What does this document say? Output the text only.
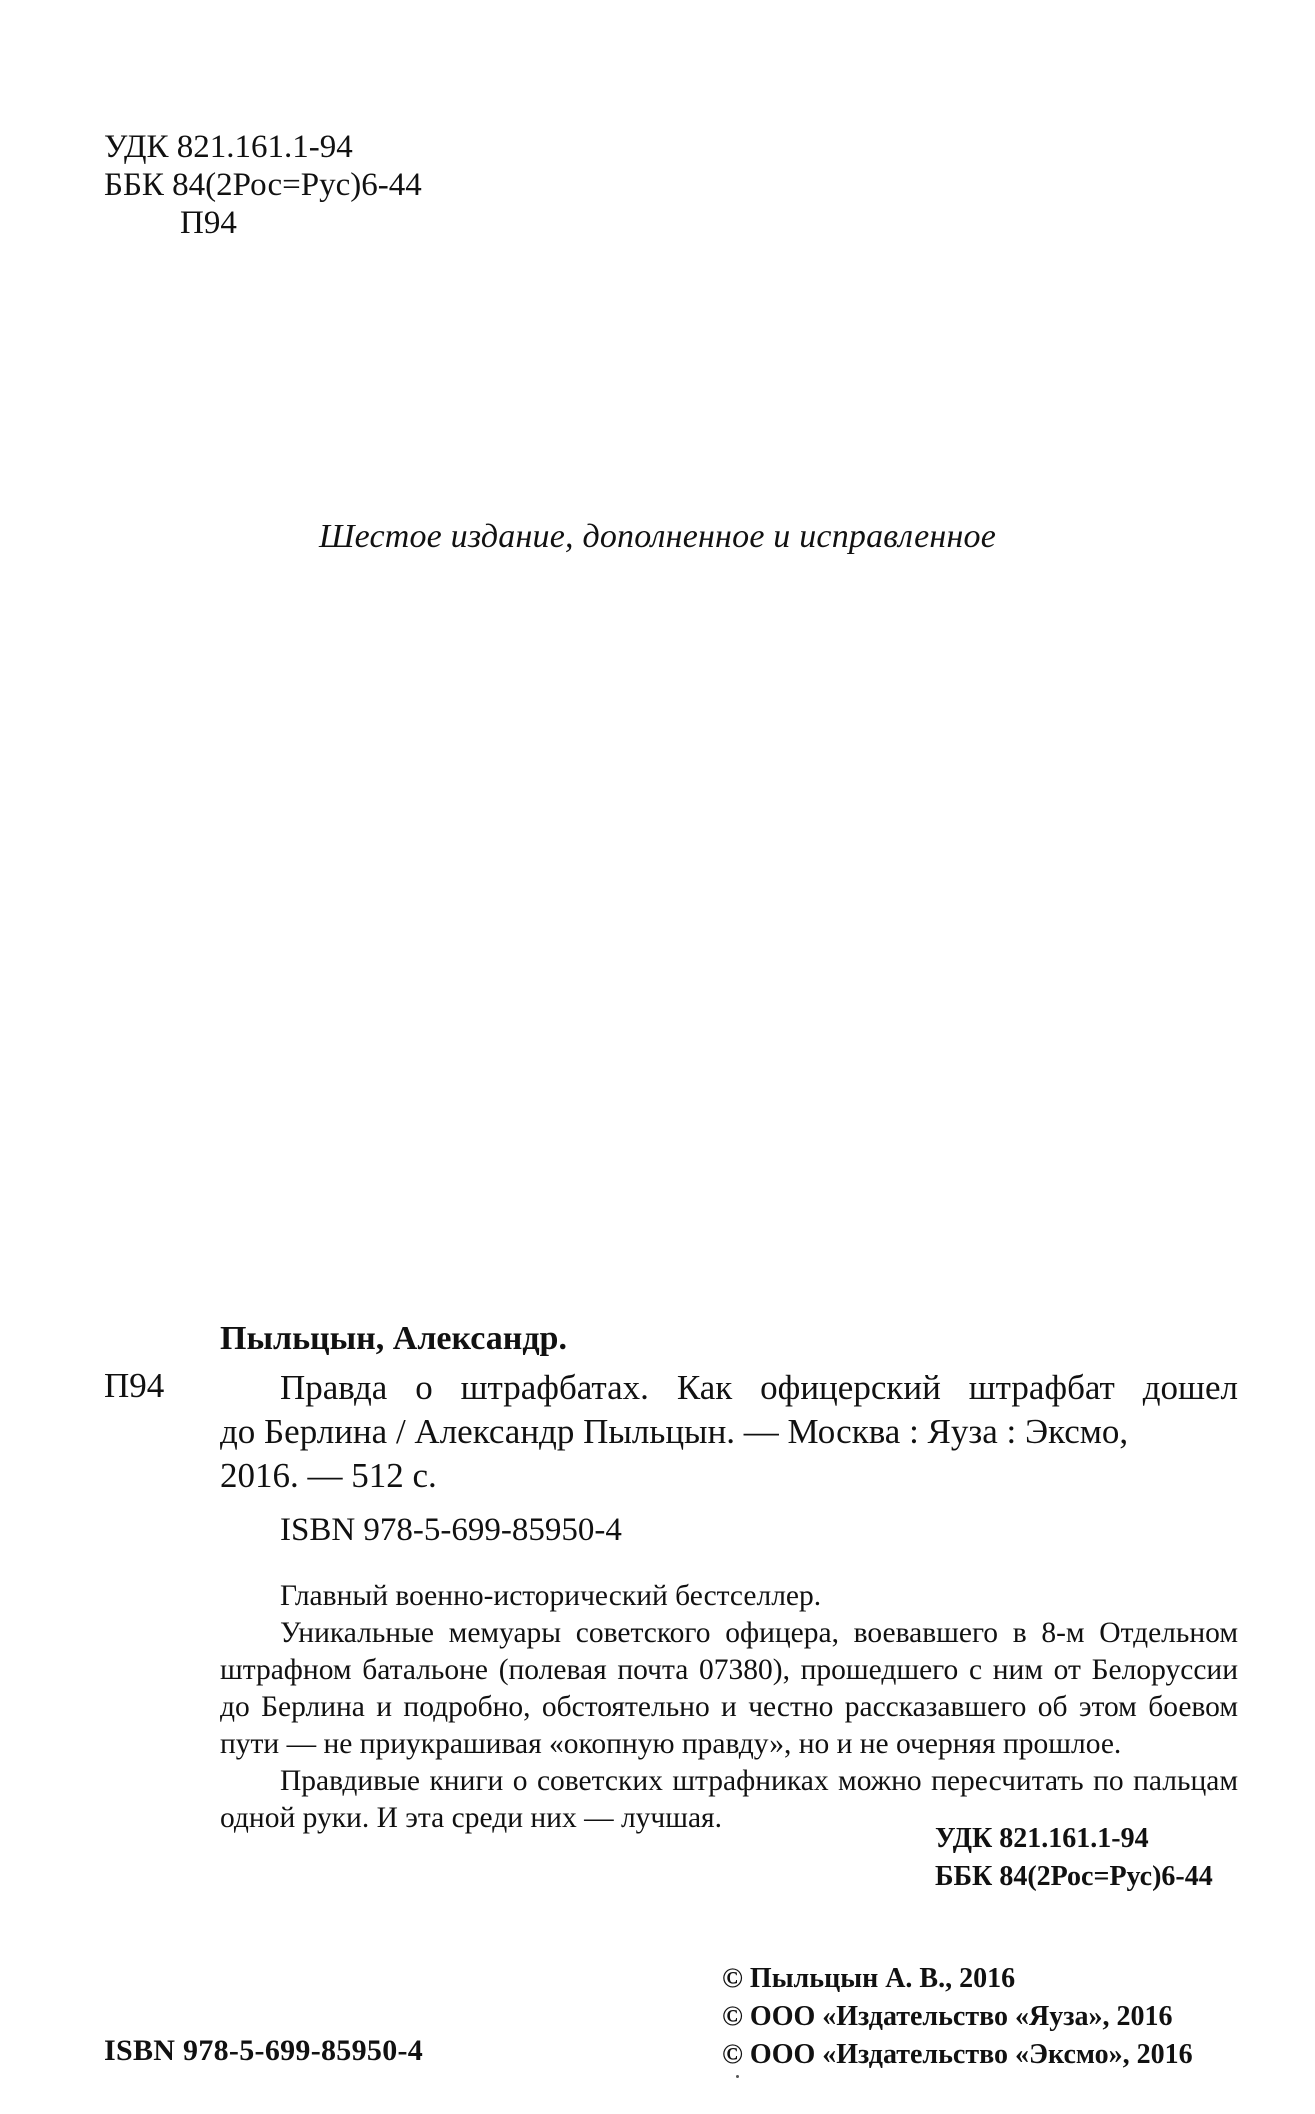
УДК 821.161.1-94
ББК 84(2Рос=Рус)6-44
П94
Шестое издание, дополненное и исправленное
Пыльцын, Александр.
П94	Правда о штрафбатах. Как офицерский штрафбат дошел
до Берлина / Александр Пыльцын. — Москва : Яуза : Эксмо,
2016. — 512 с.
ISBN 978-5-699-85950-4

Главный военно-исторический бестселлер.

Уникальные мемуары советского офицера, воевавшего в 8-м Отдельном штрафном батальоне (полевая почта 07380), прошедшего с ним от Белоруссии до Берлина и подробно, обстоятельно и честно рассказавшего об этом боевом пути — не приукрашивая «окопную правду», но и не очерняя прошлое.

Правдивые книги о советских штрафниках можно пересчитать по пальцам одной руки. И эта среди них — лучшая.

УДК 821.161.1-94
ББК 84(2Рос=Рус)6-44
© Пыльцын А. В., 2016
© ООО «Издательство «Яуза», 2016
© ООО «Издательство «Эксмо», 2016
ISBN 978-5-699-85950-4
